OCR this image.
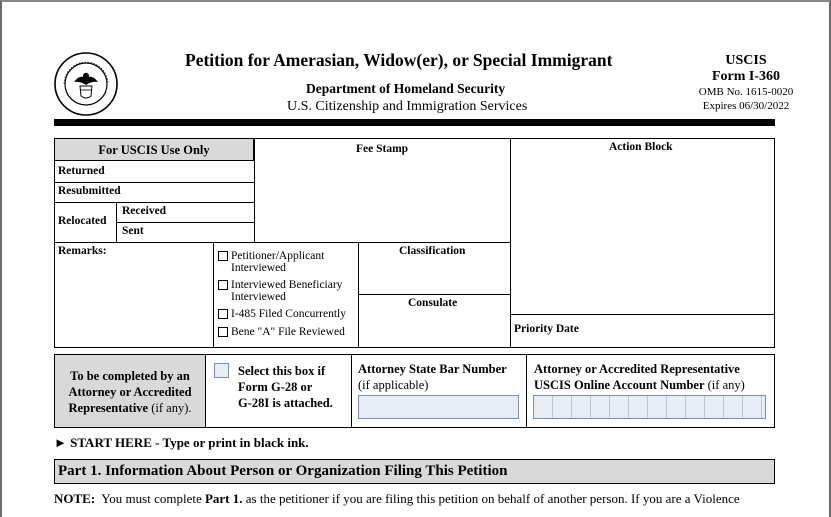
Petition for Amerasian, Widow(er), or Special Immigrant
Department of Homeland Security
U.S. Citizenship and Immigration Services
USCIS
Form I-360
OMB No. 1615-0020
Expires 06/30/2022
For USCIS Use Only
Returned
Resubmitted
Relocated
Received
Sent
Remarks:
Fee Stamp	Action Block
Classification
Consulate
Priority Date
Petitioner/Applicant
Interviewed
Interviewed Beneficiary
Interviewed
I-485 Filed Concurrently
Bene "A" File Reviewed
To be completed by an
Attorney or Accredited
Representative (if any).
Select this box if
Form G-28 or
G-28I is attached.
Attorney State Bar Number
(if applicable)
Attorney or Accredited Representative
USCIS Online Account Number (if any)
► START HERE - Type or print in black ink.
Part 1. Information About Person or Organization Filing This Petition
NOTE: You must complete Part 1. as the petitioner if you are filing this petition on behalf of another person. If you are a Violence
